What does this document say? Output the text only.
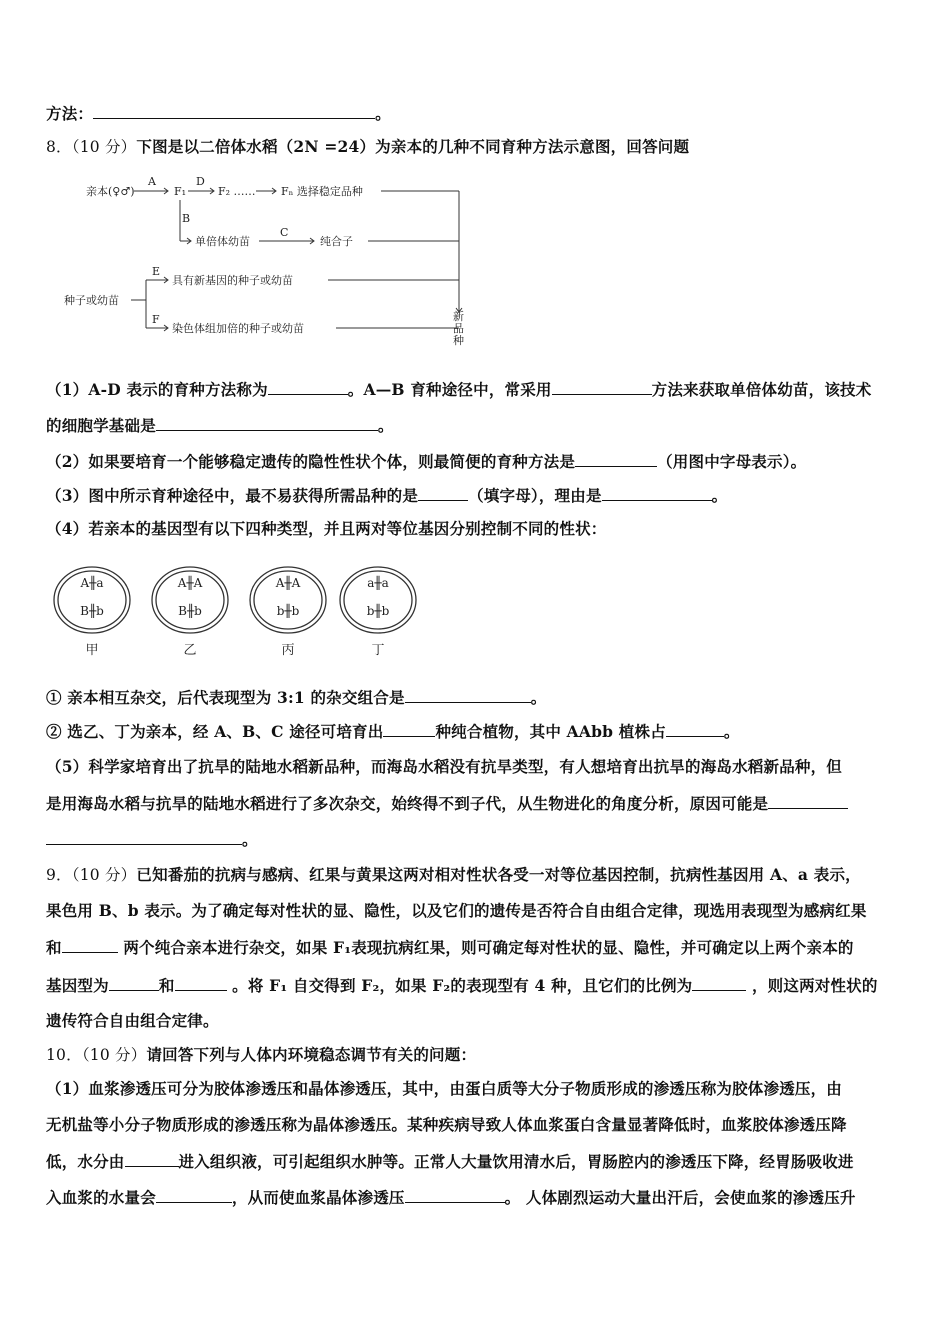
方法：	。
8．（10 分）下图是以二倍体水稻（2N =24）为亲本的几种不同育种方法示意图，回答问题
亲本(♀♂)
A
F₁
D
F₂ …… Fₙ 选择稳定品种
B
单倍体幼苗
C
纯合子
种子或幼苗
E
具有新基因的种子或幼苗
F
染色体组加倍的种子或幼苗
新
品
种
（1）A-D 表示的育种方法称为	。A—B 育种途径中，常采用	方法来获取单倍体幼苗，该技术
的细胞学基础是	。
（2）如果要培育一个能够稳定遗传的隐性性状个体，则最简便的育种方法是	（用图中字母表示）。
（3）图中所示育种途径中，最不易获得所需品种的是	（填字母），理由是	。
（4）若亲本的基因型有以下四种类型，并且两对等位基因分别控制不同的性状：
A╫a
B╫b
A╫A
B╫b
A╫A
b╫b
a╫a
b╫b
甲	乙	丙	丁
① 亲本相互杂交，后代表现型为 3:1 的杂交组合是	。
② 选乙、丁为亲本，经 A、B、C 途径可培育出	种纯合植物，其中 AAbb 植株占	。
（5）科学家培育出了抗旱的陆地水稻新品种，而海岛水稻没有抗旱类型，有人想培育出抗旱的海岛水稻新品种，但
是用海岛水稻与抗旱的陆地水稻进行了多次杂交，始终得不到子代，从生物进化的角度分析，原因可能是
。
9．（10 分）已知番茄的抗病与感病、红果与黄果这两对相对性状各受一对等位基因控制，抗病性基因用 A、a 表示，
果色用 B、b 表示。为了确定每对性状的显、隐性，以及它们的遗传是否符合自由组合定律，现选用表现型为感病红果
和	两个纯合亲本进行杂交，如果 F₁表现抗病红果，则可确定每对性状的显、隐性，并可确定以上两个亲本的
基因型为	和	。将 F₁ 自交得到 F₂，如果 F₂的表现型有 4 种，且它们的比例为	，则这两对性状的
遗传符合自由组合定律。
10．（10 分）请回答下列与人体内环境稳态调节有关的问题：
（1）血浆渗透压可分为胶体渗透压和晶体渗透压，其中，由蛋白质等大分子物质形成的渗透压称为胶体渗透压，由
无机盐等小分子物质形成的渗透压称为晶体渗透压。某种疾病导致人体血浆蛋白含量显著降低时，血浆胶体渗透压降
低，水分由	进入组织液，可引起组织水肿等。正常人大量饮用清水后，胃肠腔内的渗透压下降，经胃肠吸收进
入血浆的水量会	，从而使血浆晶体渗透压	。 人体剧烈运动大量出汗后，会使血浆的渗透压升
